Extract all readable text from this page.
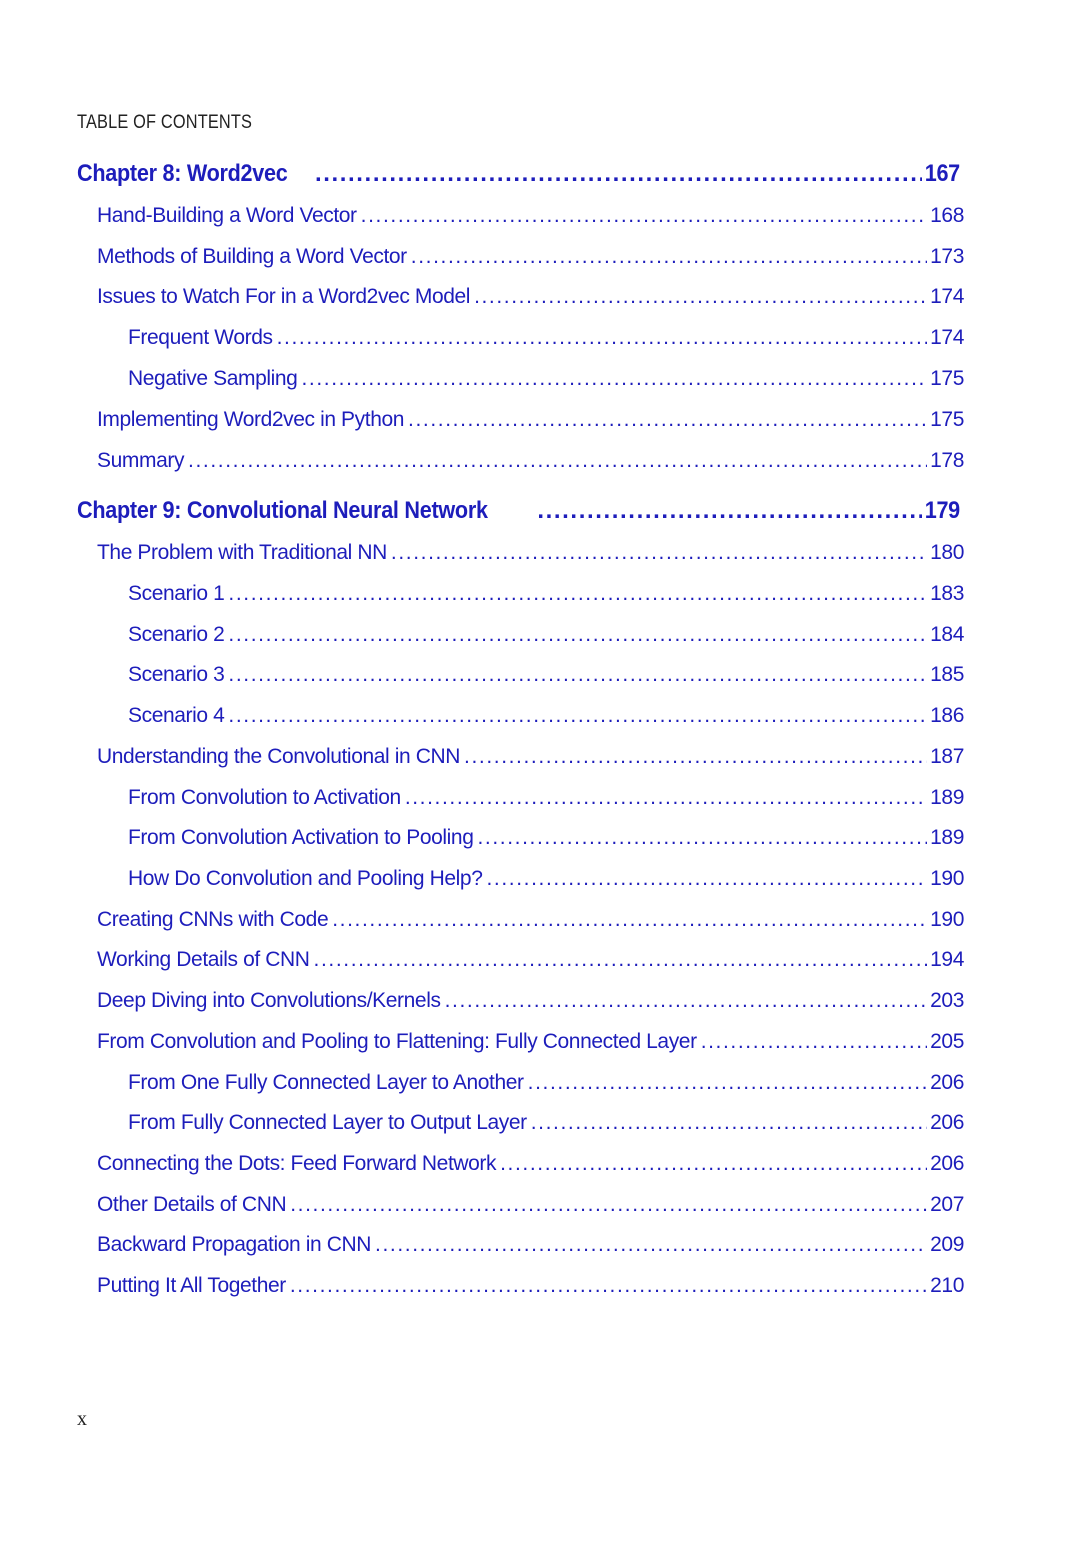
TABLE OF CONTENTS
Chapter 8: Word2vec .....	167
Hand-Building a Word Vector .....	168
Methods of Building a Word Vector .....	173
Issues to Watch For in a Word2vec Model .....	174
Frequent Words .....	174
Negative Sampling .....	175
Implementing Word2vec in Python .....	175
Summary .....	178
Chapter 9: Convolutional Neural Network .....	179
The Problem with Traditional NN .....	180
Scenario 1 .....	183
Scenario 2 .....	184
Scenario 3 .....	185
Scenario 4 .....	186
Understanding the Convolutional in CNN .....	187
From Convolution to Activation .....	189
From Convolution Activation to Pooling .....	189
How Do Convolution and Pooling Help? .....	190
Creating CNNs with Code .....	190
Working Details of CNN .....	194
Deep Diving into Convolutions/Kernels .....	203
From Convolution and Pooling to Flattening: Fully Connected Layer .....	205
From One Fully Connected Layer to Another .....	206
From Fully Connected Layer to Output Layer .....	206
Connecting the Dots: Feed Forward Network .....	206
Other Details of CNN .....	207
Backward Propagation in CNN .....	209
Putting It All Together .....	210
x
